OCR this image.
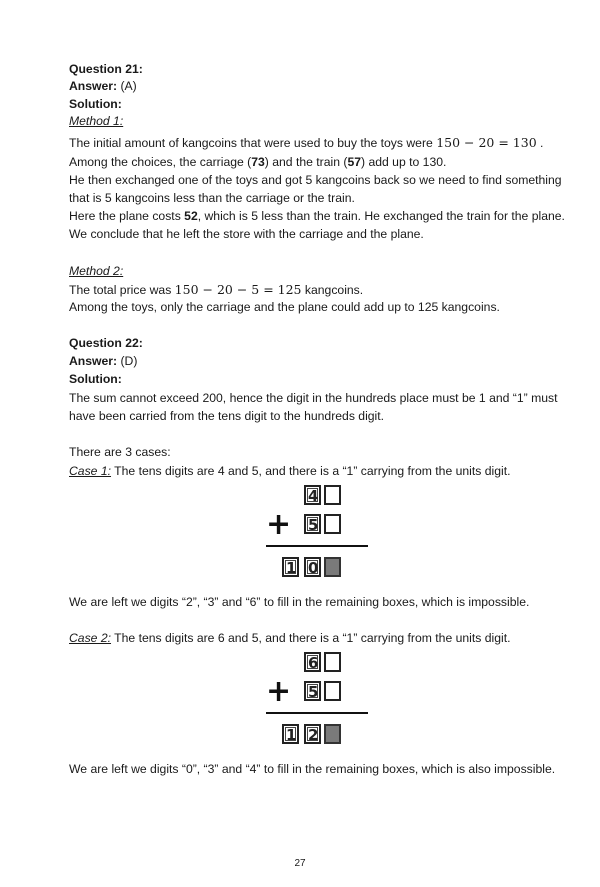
Question 21:
Answer: (A)
Solution:
Method 1:
The initial amount of kangcoins that were used to buy the toys were 150 − 20 = 130 .
Among the choices, the carriage (73) and the train (57) add up to 130.
He then exchanged one of the toys and got 5 kangcoins back so we need to find something
that is 5 kangcoins less than the carriage or the train.
Here the plane costs 52, which is 5 less than the train. He exchanged the train for the plane.
We conclude that he left the store with the carriage and the plane.
Method 2:
The total price was 150 − 20 − 5 = 125 kangcoins.
Among the toys, only the carriage and the plane could add up to 125 kangcoins.
Question 22:
Answer: (D)
Solution:
The sum cannot exceed 200, hence the digit in the hundreds place must be 1 and “1” must
have been carried from the tens digit to the hundreds digit.
There are 3 cases:
Case 1: The tens digits are 4 and 5, and there is a “1” carrying from the units digit.
4
+ 5
1 0
We are left we digits “2”, “3” and “6” to fill in the remaining boxes, which is impossible.
Case 2: The tens digits are 6 and 5, and there is a “1” carrying from the units digit.
6
+ 5
1 2
We are left we digits “0”, “3” and “4” to fill in the remaining boxes, which is also impossible.
27
